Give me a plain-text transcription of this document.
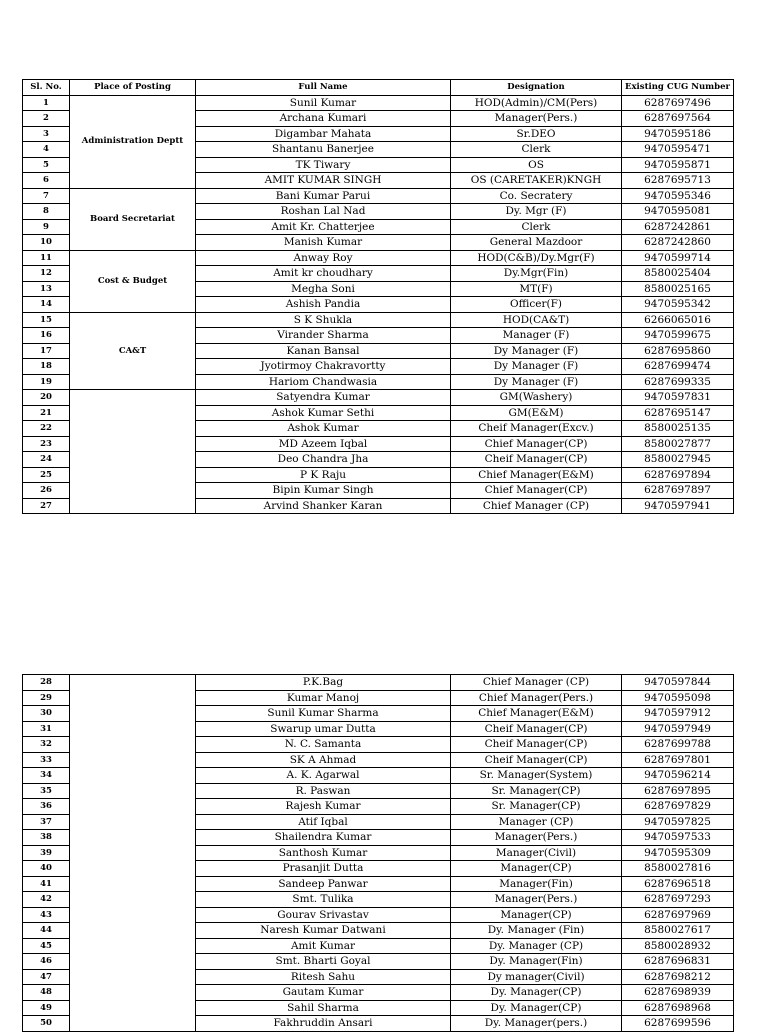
Sl. No.	Place of Posting	Full Name	Designation	Existing CUG Number
1	Administration Deptt	Sunil Kumar	HOD(Admin)/CM(Pers)	6287697496
2		Archana Kumari	Manager(Pers.)	6287697564
3		Digambar Mahata	Sr.DEO	9470595186
4		Shantanu Banerjee	Clerk	9470595471
5		TK Tiwary	OS	9470595871
6		AMIT KUMAR SINGH	OS (CARETAKER)KNGH	6287695713
7	Board Secretariat	Bani Kumar Parui	Co. Secratery	9470595346
8		Roshan Lal Nad	Dy. Mgr (F)	9470595081
9		Amit Kr. Chatterjee	Clerk	6287242861
10		Manish Kumar	General Mazdoor	6287242860
11	Cost & Budget	Anway Roy	HOD(C&B)/Dy.Mgr(F)	9470599714
12		Amit kr choudhary	Dy.Mgr(Fin)	8580025404
13		Megha Soni	MT(F)	8580025165
14		Ashish Pandia	Officer(F)	9470595342
15	CA&T	S K Shukla	HOD(CA&T)	6266065016
16		Virander Sharma	Manager (F)	9470599675
17		Kanan Bansal	Dy Manager (F)	6287695860
18		Jyotirmoy Chakravortty	Dy Manager (F)	6287699474
19		Hariom Chandwasia	Dy Manager (F)	6287699335
20		Satyendra Kumar	GM(Washery)	9470597831
21		Ashok Kumar Sethi	GM(E&M)	6287695147
22		Ashok Kumar	Cheif Manager(Excv.)	8580025135
23		MD Azeem Iqbal	Chief Manager(CP)	8580027877
24		Deo Chandra Jha	Cheif Manager(CP)	8580027945
25		P K Raju	Chiеf Manager(E&M)	6287697894
26		Bipin Kumar Singh	Chief Manager(CP)	6287697897
27		Arvind Shanker Karan	Chief Manager (CP)	9470597941
28		P.K.Bag	Chief Manager (CP)	9470597844
29		Kumar Manoj	Chief Manager(Pers.)	9470595098
30		Sunil Kumar Sharma	Chief Manager(E&M)	9470597912
31		Swarup umar Dutta	Cheif Manager(CP)	9470597949
32		N. C. Samanta	Cheif Manager(CP)	6287699788
33		SK A Ahmad	Cheif Manager(CP)	6287697801
34		A. K. Agarwal	Sr. Manager(System)	9470596214
35		R. Paswan	Sr. Manager(CP)	6287697895
36		Rajesh Kumar	Sr. Manager(CP)	6287697829
37		Atif Iqbal	Manager (CP)	9470597825
38		Shailendra Kumar	Manager(Pers.)	9470597533
39		Santhosh Kumar	Manager(Civil)	9470595309
40		Prasanjit Dutta	Manager(CP)	8580027816
41		Sandeep Panwar	Manager(Fin)	6287696518
42		Smt. Tulika	Manager(Pers.)	6287697293
43		Gourav Srivastav	Manager(CP)	6287697969
44		Naresh Kumar Datwani	Dy. Manager (Fin)	8580027617
45		Amit Kumar	Dy. Manager (CP)	8580028932
46		Smt. Bharti Goyal	Dy. Manager(Fin)	6287696831
47		Ritesh Sahu	Dy manager(Civil)	6287698212
48		Gautam Kumar	Dy. Manager(CP)	6287698939
49		Sahil Sharma	Dy. Manager(CP)	6287698968
50		Fakhruddin Ansari	Dy. Manager(pers.)	6287699596
